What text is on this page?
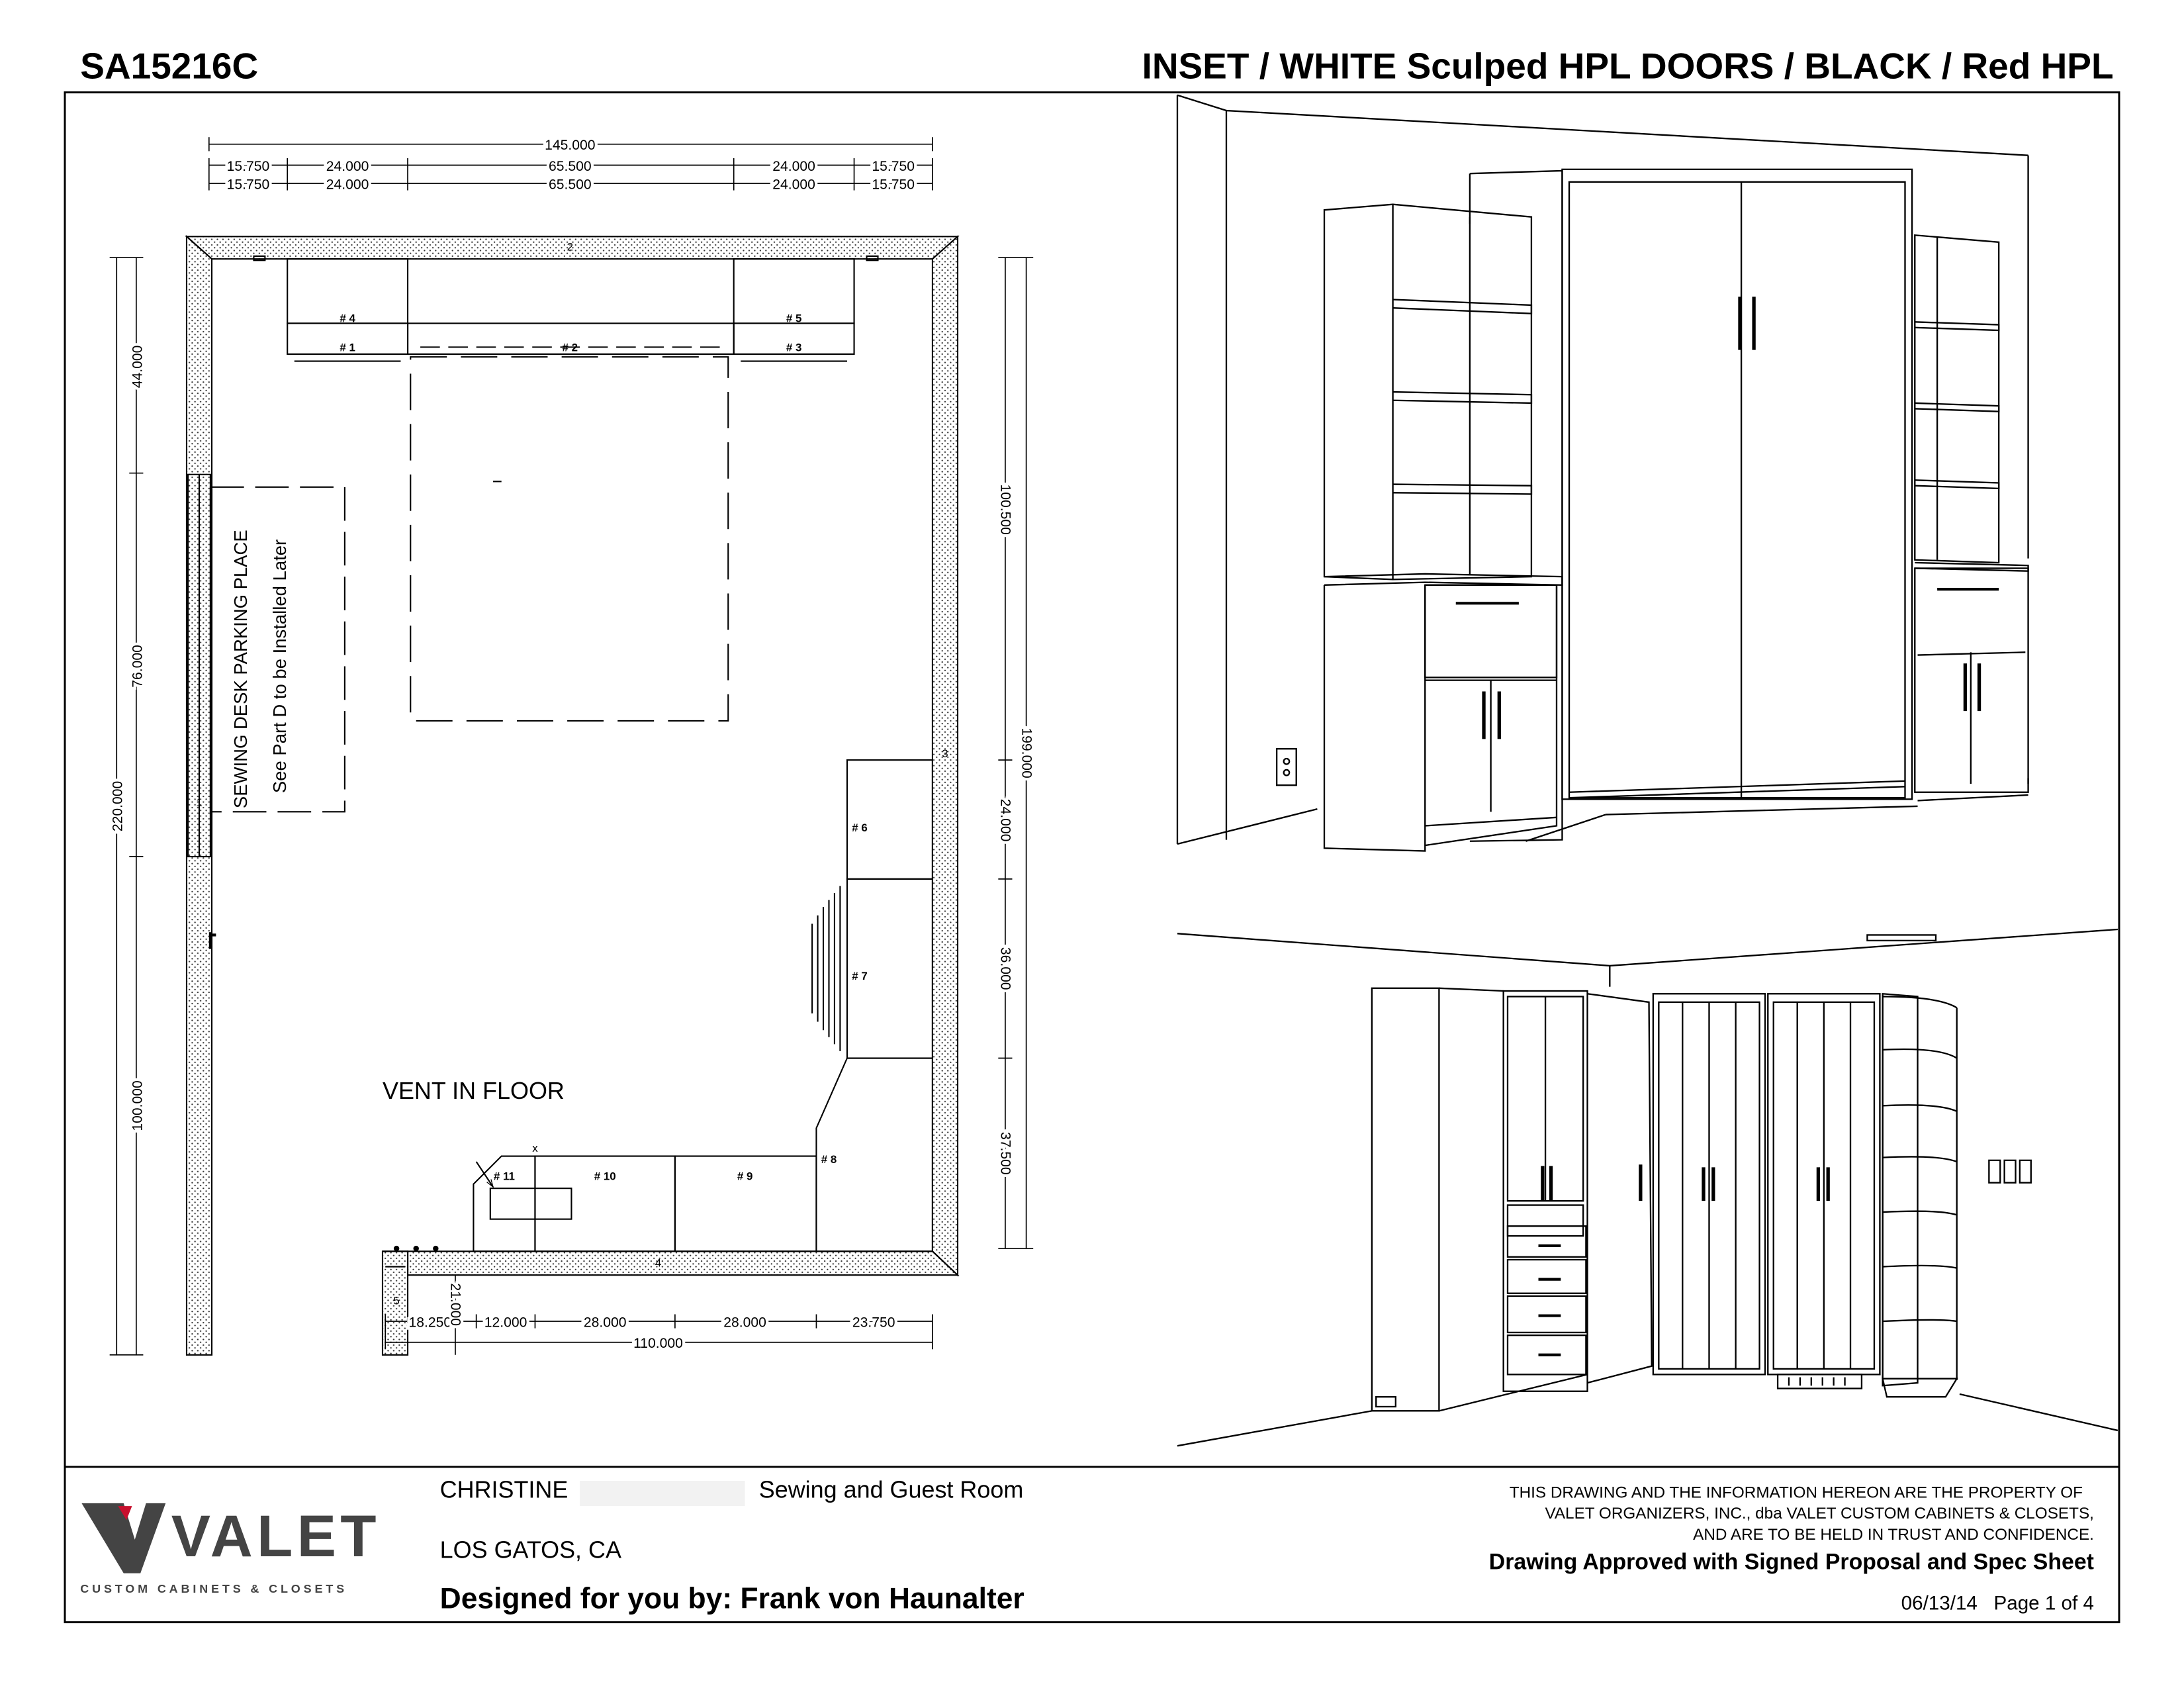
SA15216C	INSET / WHITE Sculped HPL DOORS / BLACK / Red HPL
145.000
15.750	24.000	65.500	24.000	15.750
15.750	24.000	65.500	24.000	15.750
220.000
44.000
76.000
100.000
100.500
199.000
24.000
36.000
37.500
18.250	12.000	28.000	28.000	23.750
110.000
21.000
# 4
# 1	# 2
# 5
# 3
# 6
# 7
# 8
# 9
# 10
# 11
2
3
4
5
1	SEWING DESK PARKING PLACE See Part D to be Installed Later
VENT IN FLOOR
x
VALET
CUSTOM CABINETS & CLOSETS
CHRISTINE	Sewing and Guest Room
LOS GATOS, CA
Designed for you by: Frank von Haunalter
THIS DRAWING AND THE INFORMATION HEREON ARE THE PROPERTY OF
VALET ORGANIZERS, INC., dba VALET CUSTOM CABINETS & CLOSETS,
AND ARE TO BE HELD IN TRUST AND CONFIDENCE.
Drawing Approved with Signed Proposal and Spec Sheet
06/13/14   Page 1 of 4
